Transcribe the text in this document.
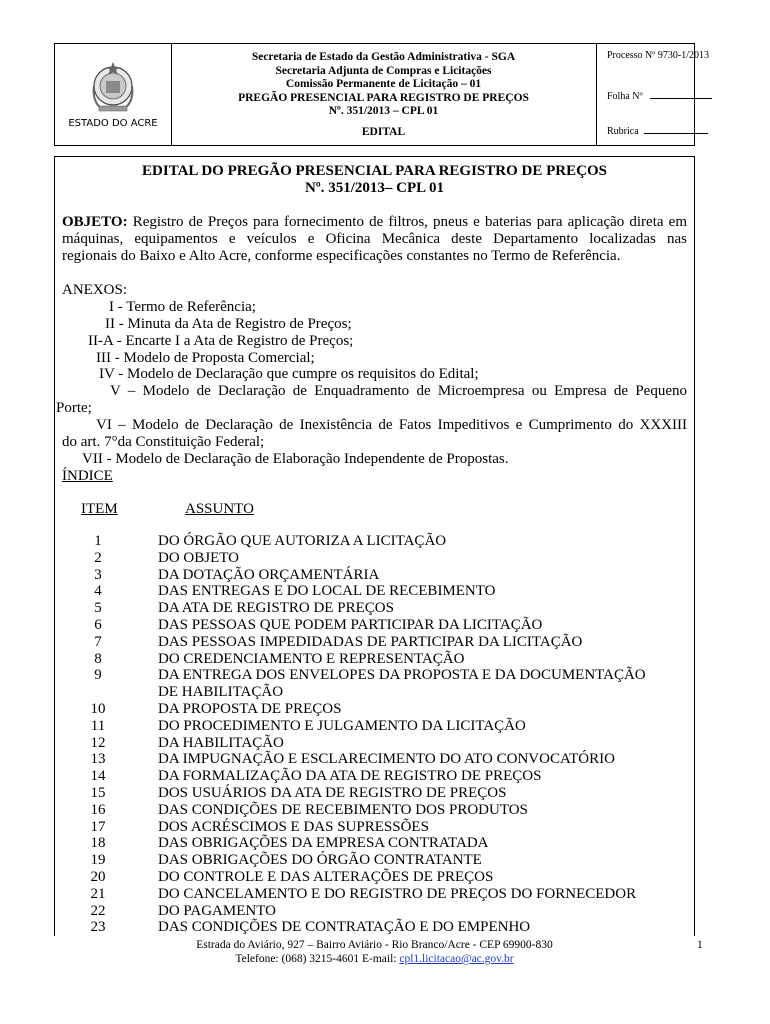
ESTADO DO ACRE
Secretaria de Estado da Gestão Administrativa - SGA
Secretaria Adjunta de Compras e Licitações
Comissão Permanente de Licitação – 01
PREGÃO PRESENCIAL PARA REGISTRO DE PREÇOS
Nº. 351/2013 – CPL 01
EDITAL
Processo Nº 9730-1/2013
Folha Nº
Rubrica
EDITAL DO PREGÃO PRESENCIAL PARA REGISTRO DE PREÇOS
Nº. 351/2013– CPL 01
OBJETO: Registro de Preços para fornecimento de filtros, pneus e baterias para aplicação direta em
máquinas, equipamentos e veículos e Oficina Mecânica deste Departamento localizadas nas
regionais do Baixo e Alto Acre, conforme especificações constantes no Termo de Referência.
ANEXOS:
I - Termo de Referência;
II - Minuta da Ata de Registro de Preços;
II-A - Encarte I a Ata de Registro de Preços;
III - Modelo de Proposta Comercial;
IV - Modelo de Declaração que cumpre os requisitos do Edital;
V – Modelo de Declaração de Enquadramento de Microempresa ou Empresa de Pequeno
Porte;
VI – Modelo de Declaração de Inexistência de Fatos Impeditivos e Cumprimento do XXXIII
do art. 7°da Constituição Federal;
VII - Modelo de Declaração de Elaboração Independente de Propostas.
ÍNDICE
ITEM	ASSUNTO
1	DO ÓRGÃO QUE AUTORIZA A LICITAÇÃO
2	DO OBJETO
3	DA DOTAÇÃO ORÇAMENTÁRIA
4	DAS ENTREGAS E DO LOCAL DE RECEBIMENTO
5	DA ATA DE REGISTRO DE PREÇOS
6	DAS PESSOAS QUE PODEM PARTICIPAR DA LICITAÇÃO
7	DAS PESSOAS IMPEDIDADAS DE PARTICIPAR DA LICITAÇÃO
8	DO CREDENCIAMENTO E REPRESENTAÇÃO
9	DA ENTREGA DOS ENVELOPES DA PROPOSTA E DA DOCUMENTAÇÃO
DE HABILITAÇÃO
10	DA PROPOSTA DE PREÇOS
11	DO PROCEDIMENTO E JULGAMENTO DA LICITAÇÃO
12	DA HABILITAÇÃO
13	DA IMPUGNAÇÃO E ESCLARECIMENTO DO ATO CONVOCATÓRIO
14	DA FORMALIZAÇÃO DA ATA DE REGISTRO DE PREÇOS
15	DOS USUÁRIOS DA ATA DE REGISTRO DE PREÇOS
16	DAS CONDIÇÕES DE RECEBIMENTO DOS PRODUTOS
17	DOS ACRÉSCIMOS E DAS SUPRESSÕES
18	DAS OBRIGAÇÕES DA EMPRESA CONTRATADA
19	DAS OBRIGAÇÕES DO ÓRGÃO CONTRATANTE
20	DO CONTROLE E DAS ALTERAÇÕES DE PREÇOS
21	DO CANCELAMENTO E DO REGISTRO DE PREÇOS DO FORNECEDOR
22	DO PAGAMENTO
23	DAS CONDIÇÕES DE CONTRATAÇÃO E DO EMPENHO
Estrada do Aviário, 927 – Bairro Aviário - Rio Branco/Acre - CEP 69900-830
Telefone: (068) 3215-4601 E-mail: cpl1.licitacao@ac.gov.br
1
